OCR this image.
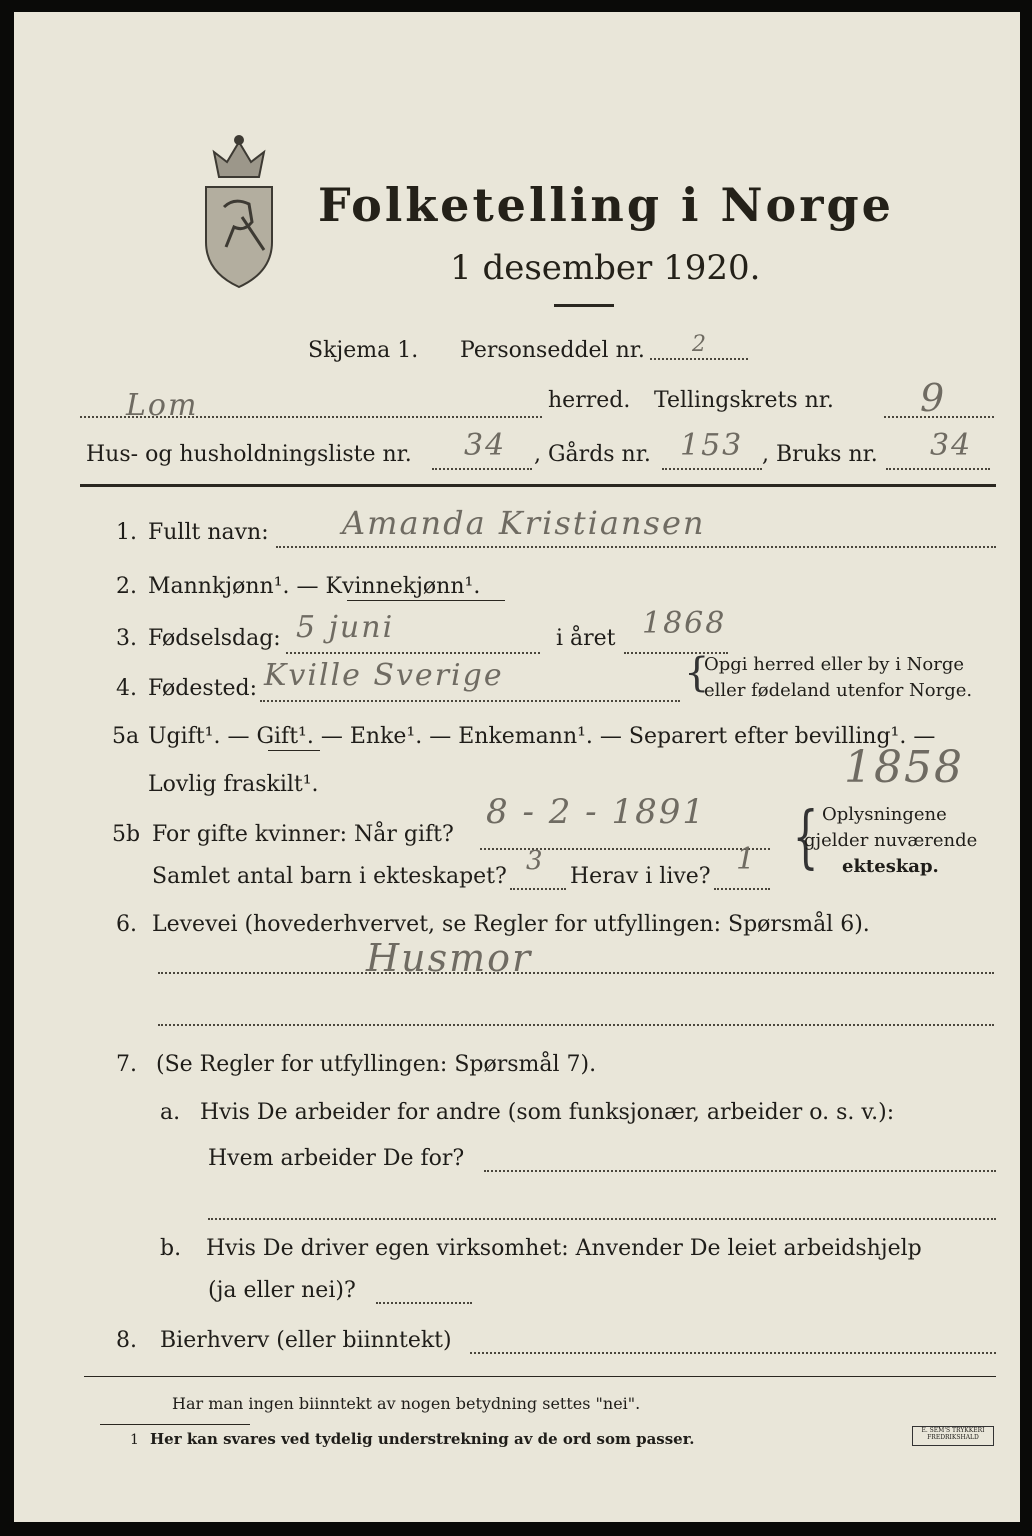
Folketelling i Norge
1 desember 1920.
Skjema 1. Personseddel nr. 2
Lom	herred. Tellingskrets nr. 9
Hus- og husholdningsliste nr. 34 , Gårds nr. 153 , Bruks nr. 34
1. Fullt navn: Amanda Kristiansen
2. Mannkjønn¹. — Kvinnekjønn¹.
3. Fødselsdag: 5 juni	i året 1868
4. Fødested: Kville Sverige	{
Opgi herred eller by i Norge
eller fødeland utenfor Norge.
5a Ugift¹. — Gift¹. — Enke¹. — Enkemann¹. — Separert efter bevilling¹. —
Lovlig fraskilt¹.	1858
5b For gifte kvinner: Når gift?
8 - 2 - 1891
Samlet antal barn i ekteskapet?
3
Herav i live? 1 { Oplysningene
gjelder nuværende
ekteskap.
6. Levevei (hovederhvervet, se Regler for utfyllingen: Spørsmål 6).
Husmor
7. (Se Regler for utfyllingen: Spørsmål 7).
a. Hvis De arbeider for andre (som funksjonær, arbeider o. s. v.):
Hvem arbeider De for?
b. Hvis De driver egen virksomhet: Anvender De leiet arbeidshjelp
(ja eller nei)?
8. Bierhverv (eller biinntekt)
Har man ingen biinntekt av nogen betydning settes "nei".
1 Her kan svares ved tydelig understrekning av de ord som passer.	E. SEM'S TRYKKERI FREDRIKSHALD
